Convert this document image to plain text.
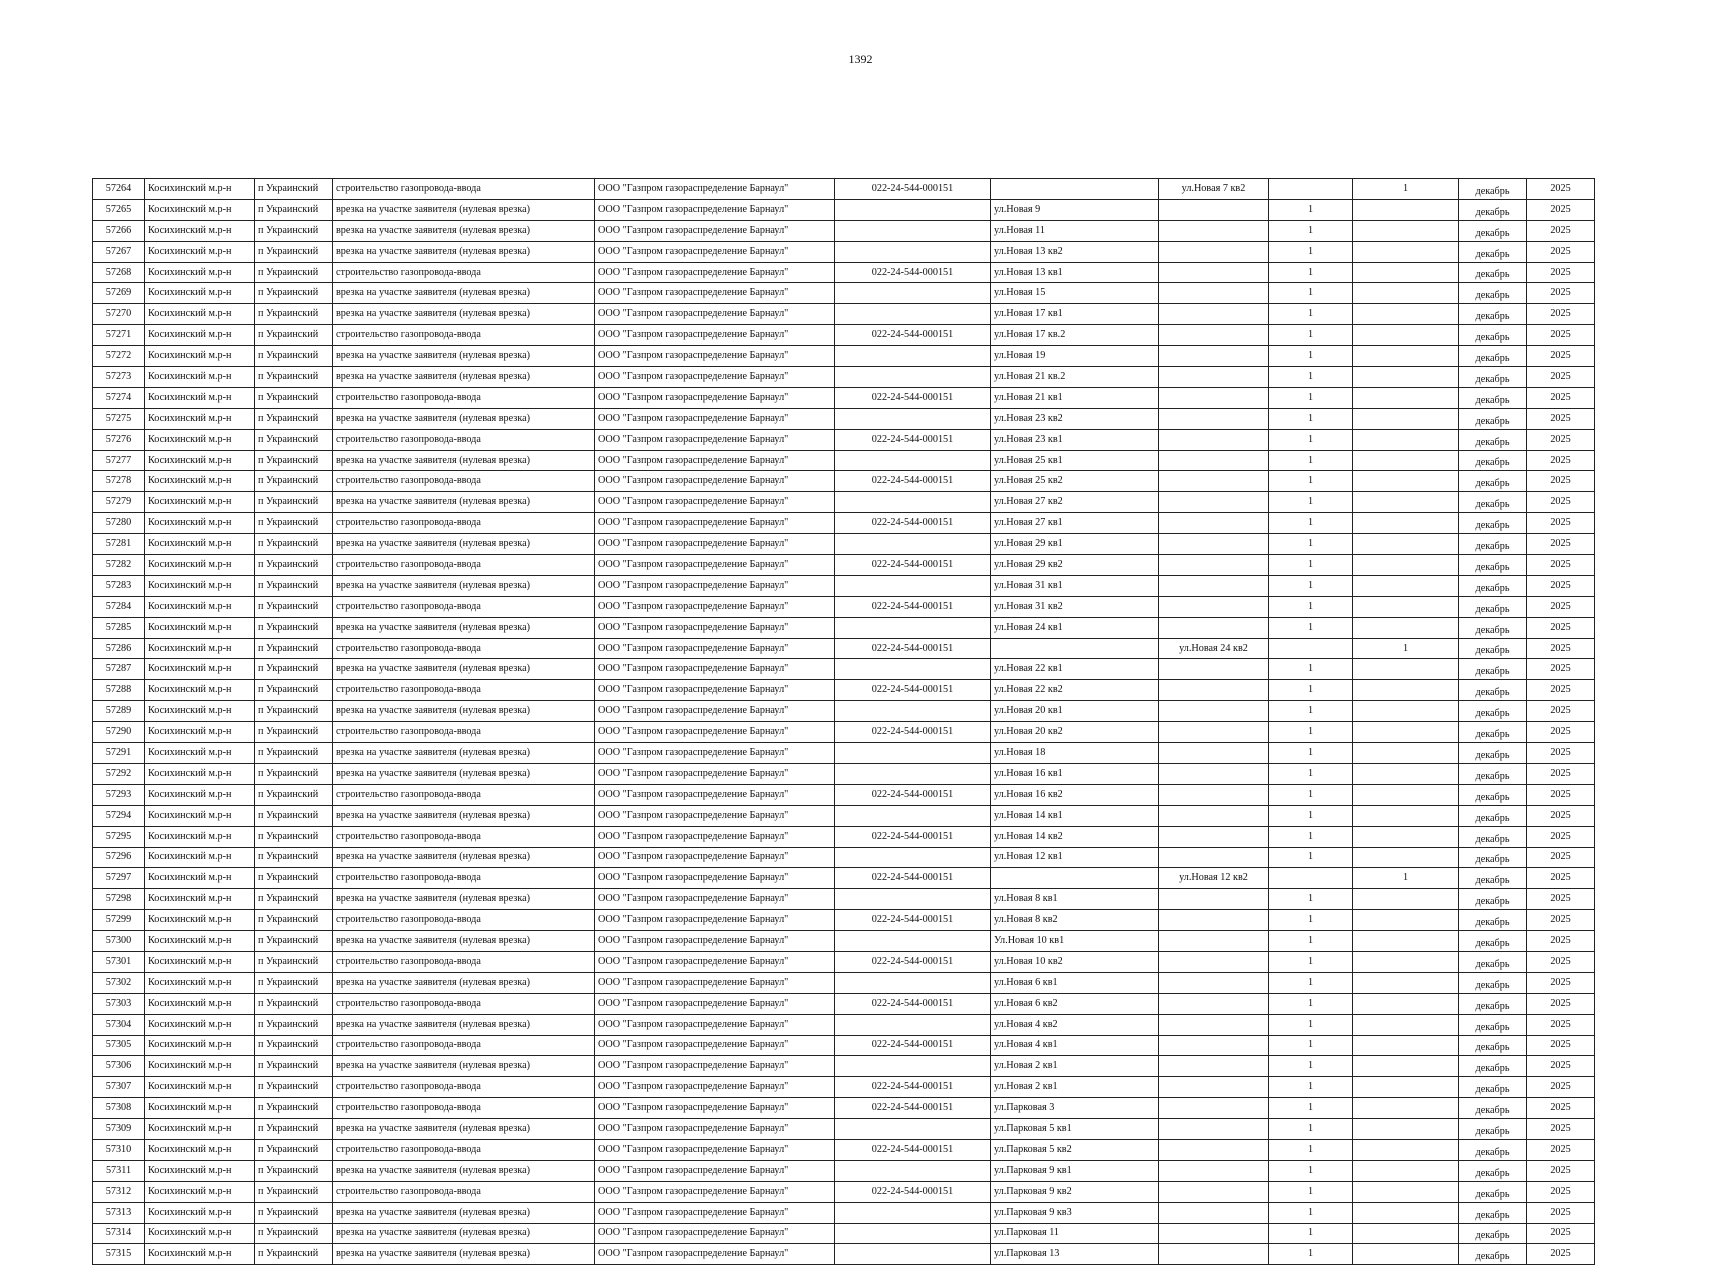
1392
57264	Косихинский м.р-н	п Украинский	строительство газопровода-ввода	ООО "Газпром газораспределение Барнаул"	022-24-544-000151		ул.Новая 7 кв2		1	декабрь	2025
57265	Косихинский м.р-н	п Украинский	врезка на участке заявителя (нулевая врезка)	ООО "Газпром газораспределение Барнаул"		ул.Новая 9		1		декабрь	2025
57266	Косихинский м.р-н	п Украинский	врезка на участке заявителя (нулевая врезка)	ООО "Газпром газораспределение Барнаул"		ул.Новая 11		1		декабрь	2025
57267	Косихинский м.р-н	п Украинский	врезка на участке заявителя (нулевая врезка)	ООО "Газпром газораспределение Барнаул"		ул.Новая 13 кв2		1		декабрь	2025
57268	Косихинский м.р-н	п Украинский	строительство газопровода-ввода	ООО "Газпром газораспределение Барнаул"	022-24-544-000151	ул.Новая 13 кв1		1		декабрь	2025
57269	Косихинский м.р-н	п Украинский	врезка на участке заявителя (нулевая врезка)	ООО "Газпром газораспределение Барнаул"		ул.Новая 15		1		декабрь	2025
57270	Косихинский м.р-н	п Украинский	врезка на участке заявителя (нулевая врезка)	ООО "Газпром газораспределение Барнаул"		ул.Новая 17 кв1		1		декабрь	2025
57271	Косихинский м.р-н	п Украинский	строительство газопровода-ввода	ООО "Газпром газораспределение Барнаул"	022-24-544-000151	ул.Новая 17 кв.2		1		декабрь	2025
57272	Косихинский м.р-н	п Украинский	врезка на участке заявителя (нулевая врезка)	ООО "Газпром газораспределение Барнаул"		ул.Новая 19		1		декабрь	2025
57273	Косихинский м.р-н	п Украинский	врезка на участке заявителя (нулевая врезка)	ООО "Газпром газораспределение Барнаул"		ул.Новая 21 кв.2		1		декабрь	2025
57274	Косихинский м.р-н	п Украинский	строительство газопровода-ввода	ООО "Газпром газораспределение Барнаул"	022-24-544-000151	ул.Новая 21 кв1		1		декабрь	2025
57275	Косихинский м.р-н	п Украинский	врезка на участке заявителя (нулевая врезка)	ООО "Газпром газораспределение Барнаул"		ул.Новая 23 кв2		1		декабрь	2025
57276	Косихинский м.р-н	п Украинский	строительство газопровода-ввода	ООО "Газпром газораспределение Барнаул"	022-24-544-000151	ул.Новая 23 кв1		1		декабрь	2025
57277	Косихинский м.р-н	п Украинский	врезка на участке заявителя (нулевая врезка)	ООО "Газпром газораспределение Барнаул"		ул.Новая 25 кв1		1		декабрь	2025
57278	Косихинский м.р-н	п Украинский	строительство газопровода-ввода	ООО "Газпром газораспределение Барнаул"	022-24-544-000151	ул.Новая 25 кв2		1		декабрь	2025
57279	Косихинский м.р-н	п Украинский	врезка на участке заявителя (нулевая врезка)	ООО "Газпром газораспределение Барнаул"		ул.Новая 27 кв2		1		декабрь	2025
57280	Косихинский м.р-н	п Украинский	строительство газопровода-ввода	ООО "Газпром газораспределение Барнаул"	022-24-544-000151	ул.Новая 27 кв1		1		декабрь	2025
57281	Косихинский м.р-н	п Украинский	врезка на участке заявителя (нулевая врезка)	ООО "Газпром газораспределение Барнаул"		ул.Новая 29 кв1		1		декабрь	2025
57282	Косихинский м.р-н	п Украинский	строительство газопровода-ввода	ООО "Газпром газораспределение Барнаул"	022-24-544-000151	ул.Новая 29 кв2		1		декабрь	2025
57283	Косихинский м.р-н	п Украинский	врезка на участке заявителя (нулевая врезка)	ООО "Газпром газораспределение Барнаул"		ул.Новая 31 кв1		1		декабрь	2025
57284	Косихинский м.р-н	п Украинский	строительство газопровода-ввода	ООО "Газпром газораспределение Барнаул"	022-24-544-000151	ул.Новая 31 кв2		1		декабрь	2025
57285	Косихинский м.р-н	п Украинский	врезка на участке заявителя (нулевая врезка)	ООО "Газпром газораспределение Барнаул"		ул.Новая 24 кв1		1		декабрь	2025
57286	Косихинский м.р-н	п Украинский	строительство газопровода-ввода	ООО "Газпром газораспределение Барнаул"	022-24-544-000151		ул.Новая 24 кв2		1	декабрь	2025
57287	Косихинский м.р-н	п Украинский	врезка на участке заявителя (нулевая врезка)	ООО "Газпром газораспределение Барнаул"		ул.Новая 22 кв1		1		декабрь	2025
57288	Косихинский м.р-н	п Украинский	строительство газопровода-ввода	ООО "Газпром газораспределение Барнаул"	022-24-544-000151	ул.Новая 22 кв2		1		декабрь	2025
57289	Косихинский м.р-н	п Украинский	врезка на участке заявителя (нулевая врезка)	ООО "Газпром газораспределение Барнаул"		ул.Новая 20 кв1		1		декабрь	2025
57290	Косихинский м.р-н	п Украинский	строительство газопровода-ввода	ООО "Газпром газораспределение Барнаул"	022-24-544-000151	ул.Новая 20 кв2		1		декабрь	2025
57291	Косихинский м.р-н	п Украинский	врезка на участке заявителя (нулевая врезка)	ООО "Газпром газораспределение Барнаул"		ул.Новая 18		1		декабрь	2025
57292	Косихинский м.р-н	п Украинский	врезка на участке заявителя (нулевая врезка)	ООО "Газпром газораспределение Барнаул"		ул.Новая 16 кв1		1		декабрь	2025
57293	Косихинский м.р-н	п Украинский	строительство газопровода-ввода	ООО "Газпром газораспределение Барнаул"	022-24-544-000151	ул.Новая 16 кв2		1		декабрь	2025
57294	Косихинский м.р-н	п Украинский	врезка на участке заявителя (нулевая врезка)	ООО "Газпром газораспределение Барнаул"		ул.Новая 14 кв1		1		декабрь	2025
57295	Косихинский м.р-н	п Украинский	строительство газопровода-ввода	ООО "Газпром газораспределение Барнаул"	022-24-544-000151	ул.Новая 14 кв2		1		декабрь	2025
57296	Косихинский м.р-н	п Украинский	врезка на участке заявителя (нулевая врезка)	ООО "Газпром газораспределение Барнаул"		ул.Новая 12 кв1		1		декабрь	2025
57297	Косихинский м.р-н	п Украинский	строительство газопровода-ввода	ООО "Газпром газораспределение Барнаул"	022-24-544-000151		ул.Новая 12 кв2		1	декабрь	2025
57298	Косихинский м.р-н	п Украинский	врезка на участке заявителя (нулевая врезка)	ООО "Газпром газораспределение Барнаул"		ул.Новая 8 кв1		1		декабрь	2025
57299	Косихинский м.р-н	п Украинский	строительство газопровода-ввода	ООО "Газпром газораспределение Барнаул"	022-24-544-000151	ул.Новая 8 кв2		1		декабрь	2025
57300	Косихинский м.р-н	п Украинский	врезка на участке заявителя (нулевая врезка)	ООО "Газпром газораспределение Барнаул"		Ул.Новая 10 кв1		1		декабрь	2025
57301	Косихинский м.р-н	п Украинский	строительство газопровода-ввода	ООО "Газпром газораспределение Барнаул"	022-24-544-000151	ул.Новая 10 кв2		1		декабрь	2025
57302	Косихинский м.р-н	п Украинский	врезка на участке заявителя (нулевая врезка)	ООО "Газпром газораспределение Барнаул"		ул.Новая 6 кв1		1		декабрь	2025
57303	Косихинский м.р-н	п Украинский	строительство газопровода-ввода	ООО "Газпром газораспределение Барнаул"	022-24-544-000151	ул.Новая 6 кв2		1		декабрь	2025
57304	Косихинский м.р-н	п Украинский	врезка на участке заявителя (нулевая врезка)	ООО "Газпром газораспределение Барнаул"		ул.Новая 4 кв2		1		декабрь	2025
57305	Косихинский м.р-н	п Украинский	строительство газопровода-ввода	ООО "Газпром газораспределение Барнаул"	022-24-544-000151	ул.Новая 4 кв1		1		декабрь	2025
57306	Косихинский м.р-н	п Украинский	врезка на участке заявителя (нулевая врезка)	ООО "Газпром газораспределение Барнаул"		ул.Новая 2 кв1		1		декабрь	2025
57307	Косихинский м.р-н	п Украинский	строительство газопровода-ввода	ООО "Газпром газораспределение Барнаул"	022-24-544-000151	ул.Новая 2 кв1		1		декабрь	2025
57308	Косихинский м.р-н	п Украинский	строительство газопровода-ввода	ООО "Газпром газораспределение Барнаул"	022-24-544-000151	ул.Парковая 3		1		декабрь	2025
57309	Косихинский м.р-н	п Украинский	врезка на участке заявителя (нулевая врезка)	ООО "Газпром газораспределение Барнаул"		ул.Парковая 5 кв1		1		декабрь	2025
57310	Косихинский м.р-н	п Украинский	строительство газопровода-ввода	ООО "Газпром газораспределение Барнаул"	022-24-544-000151	ул.Парковая 5 кв2		1		декабрь	2025
57311	Косихинский м.р-н	п Украинский	врезка на участке заявителя (нулевая врезка)	ООО "Газпром газораспределение Барнаул"		ул.Парковая 9 кв1		1		декабрь	2025
57312	Косихинский м.р-н	п Украинский	строительство газопровода-ввода	ООО "Газпром газораспределение Барнаул"	022-24-544-000151	ул.Парковая 9 кв2		1		декабрь	2025
57313	Косихинский м.р-н	п Украинский	врезка на участке заявителя (нулевая врезка)	ООО "Газпром газораспределение Барнаул"		ул.Парковая 9 кв3		1		декабрь	2025
57314	Косихинский м.р-н	п Украинский	врезка на участке заявителя (нулевая врезка)	ООО "Газпром газораспределение Барнаул"		ул.Парковая 11		1		декабрь	2025
57315	Косихинский м.р-н	п Украинский	врезка на участке заявителя (нулевая врезка)	ООО "Газпром газораспределение Барнаул"		ул.Парковая 13		1		декабрь	2025
